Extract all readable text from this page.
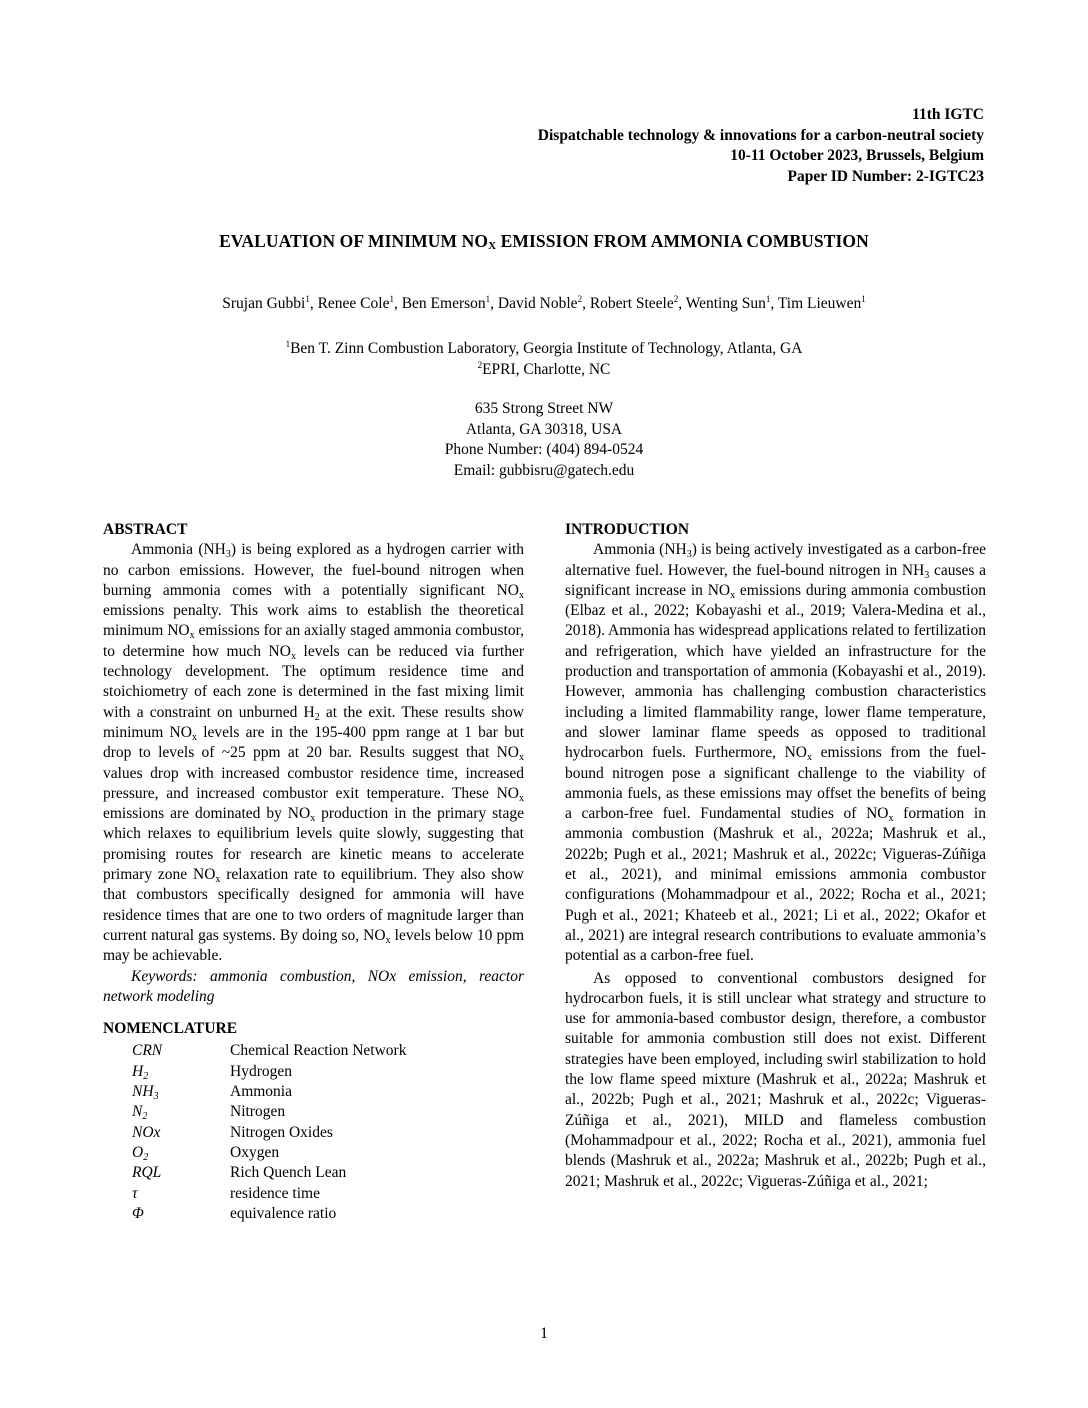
11th IGTC
Dispatchable technology & innovations for a carbon-neutral society
10-11 October 2023, Brussels, Belgium
Paper ID Number: 2-IGTC23
EVALUATION OF MINIMUM $NO_X$ EMISSION FROM AMMONIA COMBUSTION
Srujan Gubbi$^1$, Renee Cole$^1$, Ben Emerson$^1$, David Noble$^2$, Robert Steele$^2$, Wenting Sun$^1$, Tim Lieuwen$^1$
$^1$Ben T. Zinn Combustion Laboratory, Georgia Institute of Technology, Atlanta, GA
$^2$EPRI, Charlotte, NC
635 Strong Street NW
Atlanta, GA 30318, USA
Phone Number: (404) 894-0524
Email: gubbisru@gatech.edu

ABSTRACT

Ammonia $(NH_3)$ is being explored as a hydrogen carrier with no carbon emissions. However, the fuel-bound nitrogen when burning ammonia comes with a potentially significant $NO_x$ emissions penalty. This work aims to establish the theoretical minimum $NO_x$ emissions for an axially staged ammonia combustor, to determine how much $NO_x$ levels can be reduced via further technology development. The optimum residence time and stoichiometry of each zone is determined in the fast mixing limit with a constraint on unburned $H_2$ at the exit. These results show minimum $NO_x$ levels are in the 195-400 ppm range at 1 bar but drop to levels of ~25 ppm at 20 bar. Results suggest that $NO_x$ values drop with increased combustor residence time, increased pressure, and increased combustor exit temperature. These $NO_x$ emissions are dominated by $NO_x$ production in the primary stage which relaxes to equilibrium levels quite slowly, suggesting that promising routes for research are kinetic means to accelerate primary zone $NO_x$ relaxation rate to equilibrium. They also show that combustors specifically designed for ammonia will have residence times that are one to two orders of magnitude larger than current natural gas systems. By doing so, $NO_x$ levels below 10 ppm may be achievable.

Keywords: ammonia combustion, NOx emission, reactor network modeling

NOMENCLATURE

CRN	Chemical Reaction Network
$H_2$	Hydrogen
$NH_3$	Ammonia
$N_2$	Nitrogen
NOx	Nitrogen Oxides
$O_2$	Oxygen
RQL	Rich Quench Lean
τ	residence time
Φ	equivalence ratio

INTRODUCTION

Ammonia $(NH_3)$ is being actively investigated as a carbon-free alternative fuel. However, the fuel-bound nitrogen in $NH_3$ causes a significant increase in $NO_x$ emissions during ammonia combustion (Elbaz et al., 2022; Kobayashi et al., 2019; Valera-Medina et al., 2018). Ammonia has widespread applications related to fertilization and refrigeration, which have yielded an infrastructure for the production and transportation of ammonia (Kobayashi et al., 2019). However, ammonia has challenging combustion characteristics including a limited flammability range, lower flame temperature, and slower laminar flame speeds as opposed to traditional hydrocarbon fuels. Furthermore, $NO_x$ emissions from the fuel-bound nitrogen pose a significant challenge to the viability of ammonia fuels, as these emissions may offset the benefits of being a carbon-free fuel. Fundamental studies of $NO_x$ formation in ammonia combustion (Mashruk et al., 2022a; Mashruk et al., 2022b; Pugh et al., 2021; Mashruk et al., 2022c; Vigueras-Zúñiga et al., 2021), and minimal emissions ammonia combustor configurations (Mohammadpour et al., 2022; Rocha et al., 2021; Pugh et al., 2021; Khateeb et al., 2021; Li et al., 2022; Okafor et al., 2021) are integral research contributions to evaluate ammonia’s potential as a carbon-free fuel.

As opposed to conventional combustors designed for hydrocarbon fuels, it is still unclear what strategy and structure to use for ammonia-based combustor design, therefore, a combustor suitable for ammonia combustion still does not exist. Different strategies have been employed, including swirl stabilization to hold the low flame speed mixture (Mashruk et al., 2022a; Mashruk et al., 2022b; Pugh et al., 2021; Mashruk et al., 2022c; Vigueras-Zúñiga et al., 2021), MILD and flameless combustion (Mohammadpour et al., 2022; Rocha et al., 2021), ammonia fuel blends (Mashruk et al., 2022a; Mashruk et al., 2022b; Pugh et al., 2021; Mashruk et al., 2022c; Vigueras-Zúñiga et al., 2021;

1
